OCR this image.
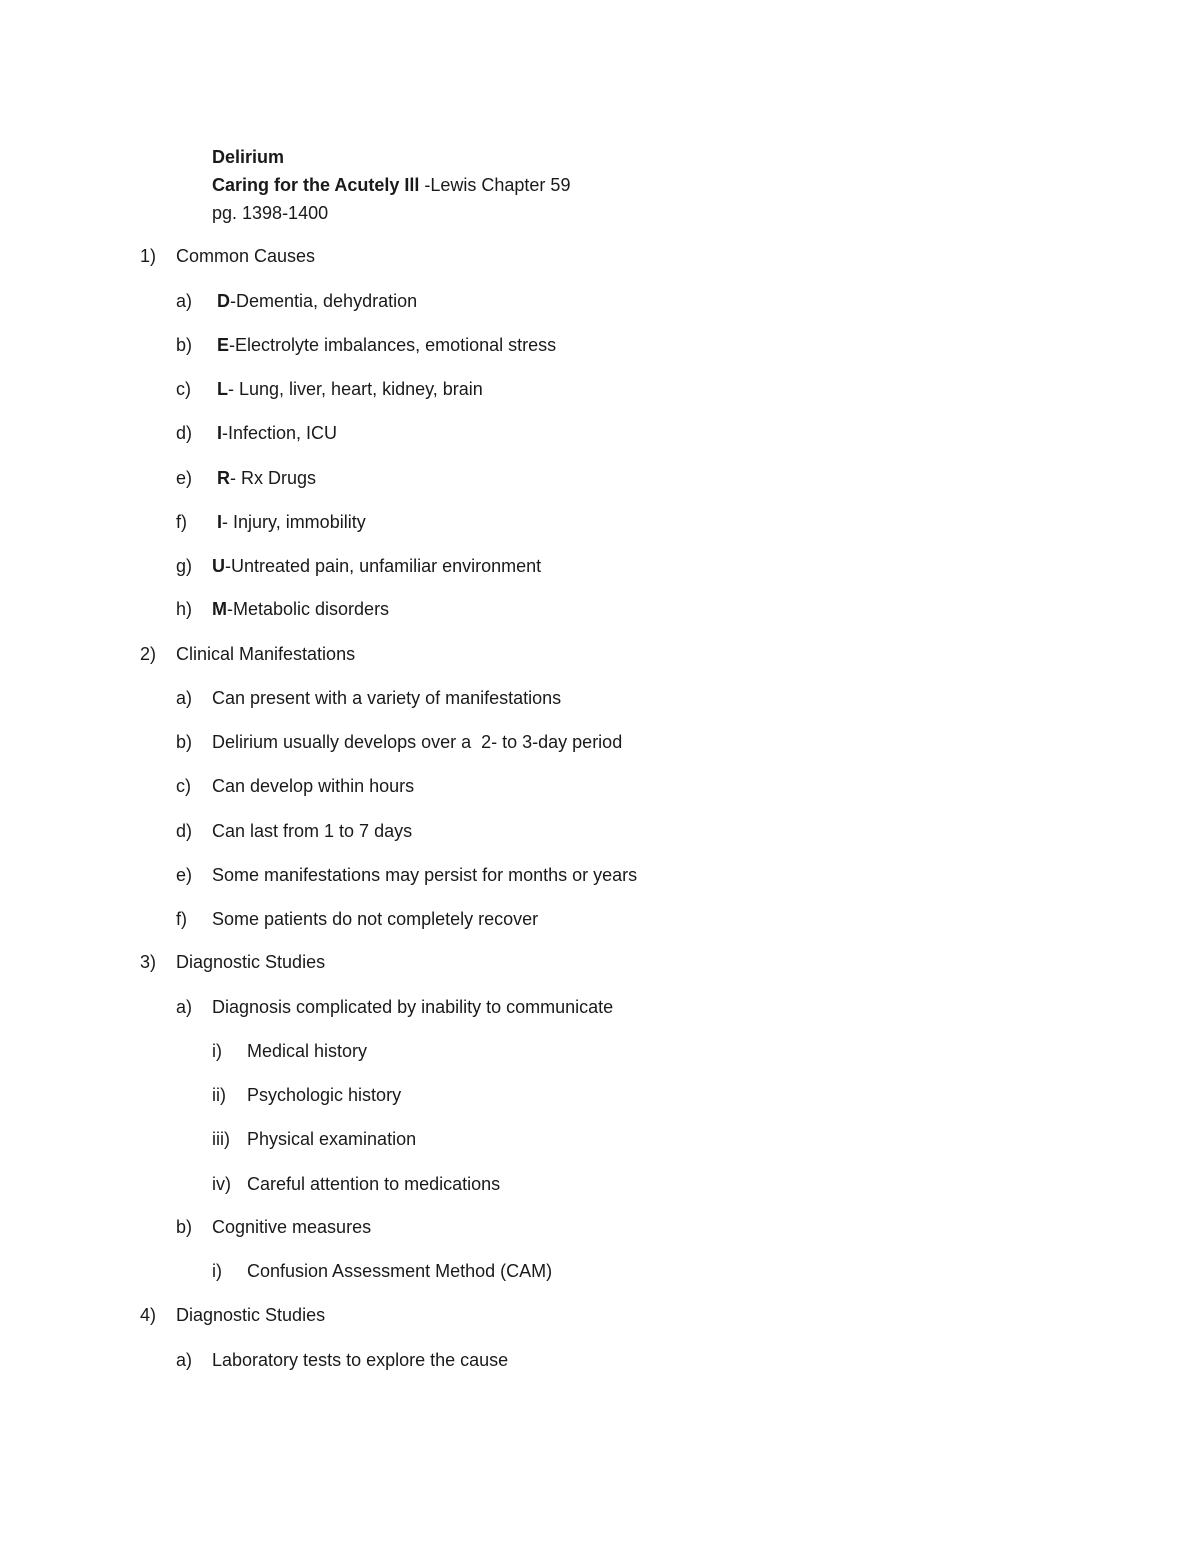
Delirium
Caring for the Acutely Ill -Lewis Chapter 59
pg. 1398-1400
1) Common Causes
a) D-Dementia, dehydration
b) E-Electrolyte imbalances, emotional stress
c) L- Lung, liver, heart, kidney, brain
d) I-Infection, ICU
e) R- Rx Drugs
f) I- Injury, immobility
g) U-Untreated pain, unfamiliar environment
h) M-Metabolic disorders
2) Clinical Manifestations
a) Can present with a variety of manifestations
b) Delirium usually develops over a  2- to 3-day period
c) Can develop within hours
d) Can last from 1 to 7 days
e) Some manifestations may persist for months or years
f) Some patients do not completely recover
3) Diagnostic Studies
a) Diagnosis complicated by inability to communicate
i) Medical history
ii) Psychologic history
iii) Physical examination
iv) Careful attention to medications
b) Cognitive measures
i) Confusion Assessment Method (CAM)
4) Diagnostic Studies
a) Laboratory tests to explore the cause
